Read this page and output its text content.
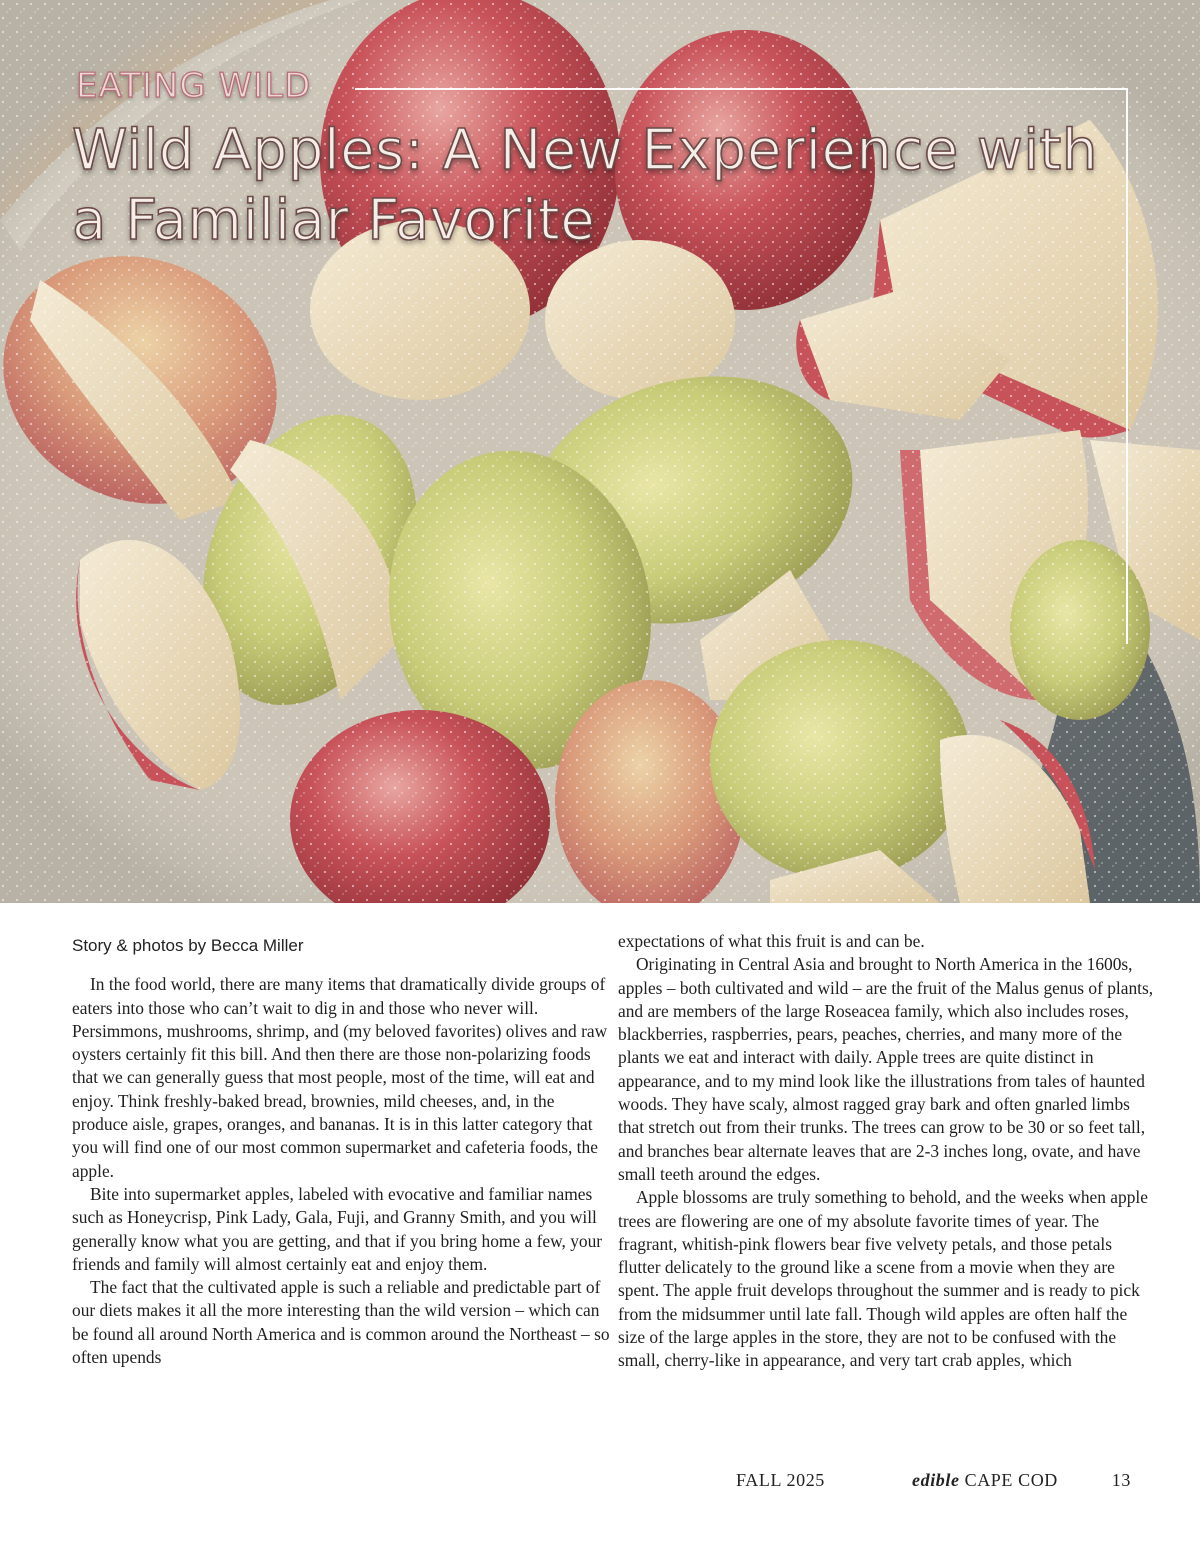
EATING WILD
Wild Apples: A New Experience with a Familiar Favorite
Story & photos by Becca Miller

In the food world, there are many items that dramatically divide groups of eaters into those who can’t wait to dig in and those who never will. Persimmons, mushrooms, shrimp, and (my beloved favorites) olives and raw oysters certainly fit this bill. And then there are those non-polarizing foods that we can generally guess that most people, most of the time, will eat and enjoy. Think freshly-baked bread, brownies, mild cheeses, and, in the produce aisle, grapes, oranges, and bananas. It is in this latter category that you will find one of our most common supermarket and cafeteria foods, the apple.

Bite into supermarket apples, labeled with evocative and familiar names such as Honeycrisp, Pink Lady, Gala, Fuji, and Granny Smith, and you will generally know what you are getting, and that if you bring home a few, your friends and family will almost certainly eat and enjoy them.

The fact that the cultivated apple is such a reliable and predictable part of our diets makes it all the more interesting than the wild version – which can be found all around North America and is common around the Northeast – so often upends

expectations of what this fruit is and can be.

Originating in Central Asia and brought to North America in the 1600s, apples – both cultivated and wild – are the fruit of the Malus genus of plants, and are members of the large Roseacea family, which also includes roses, blackberries, raspberries, pears, peaches, cherries, and many more of the plants we eat and interact with daily. Apple trees are quite distinct in appearance, and to my mind look like the illustrations from tales of haunted woods. They have scaly, almost ragged gray bark and often gnarled limbs that stretch out from their trunks. The trees can grow to be 30 or so feet tall, and branches bear alternate leaves that are 2-3 inches long, ovate, and have small teeth around the edges.

Apple blossoms are truly something to behold, and the weeks when apple trees are flowering are one of my absolute favorite times of year. The fragrant, whitish-pink flowers bear five velvety petals, and those petals flutter delicately to the ground like a scene from a movie when they are spent. The apple fruit develops throughout the summer and is ready to pick from the midsummer until late fall. Though wild apples are often half the size of the large apples in the store, they are not to be confused with the small, cherry-like in appearance, and very tart crab apples, which

FALL 2025	edible CAPE COD	13
